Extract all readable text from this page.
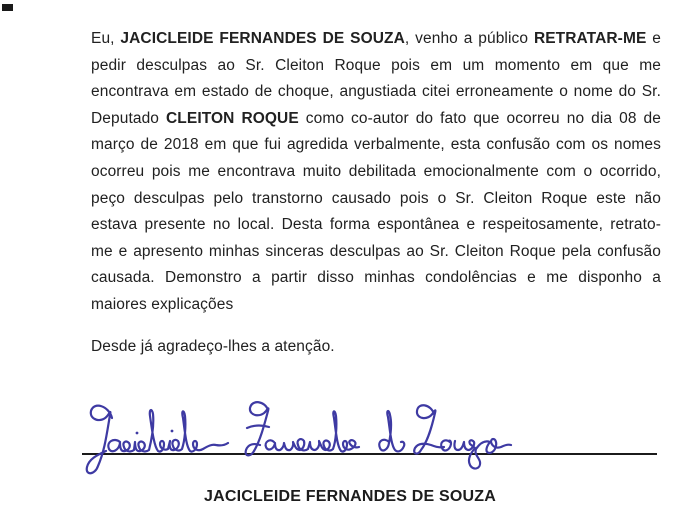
Eu, JACICLEIDE FERNANDES DE SOUZA, venho a público RETRATAR-ME e
pedir desculpas ao Sr. Cleiton Roque pois em um momento em que me
encontrava em estado de choque, angustiada citei erroneamente o nome do Sr.
Deputado CLEITON ROQUE como co-autor do fato que ocorreu no dia 08 de
março de 2018 em que fui agredida verbalmente, esta confusão com os nomes
ocorreu pois me encontrava muito debilitada emocionalmente com o ocorrido,
peço desculpas pelo transtorno causado pois o Sr. Cleiton Roque este não
estava presente no local. Desta forma espontânea e respeitosamente, retrato-
me e apresento minhas sinceras desculpas ao Sr. Cleiton Roque pela confusão
causada. Demonstro a partir disso minhas condolências e me disponho a
maiores explicações
Desde já agradeço-lhes a atenção.
JACICLEIDE FERNANDES DE SOUZA
